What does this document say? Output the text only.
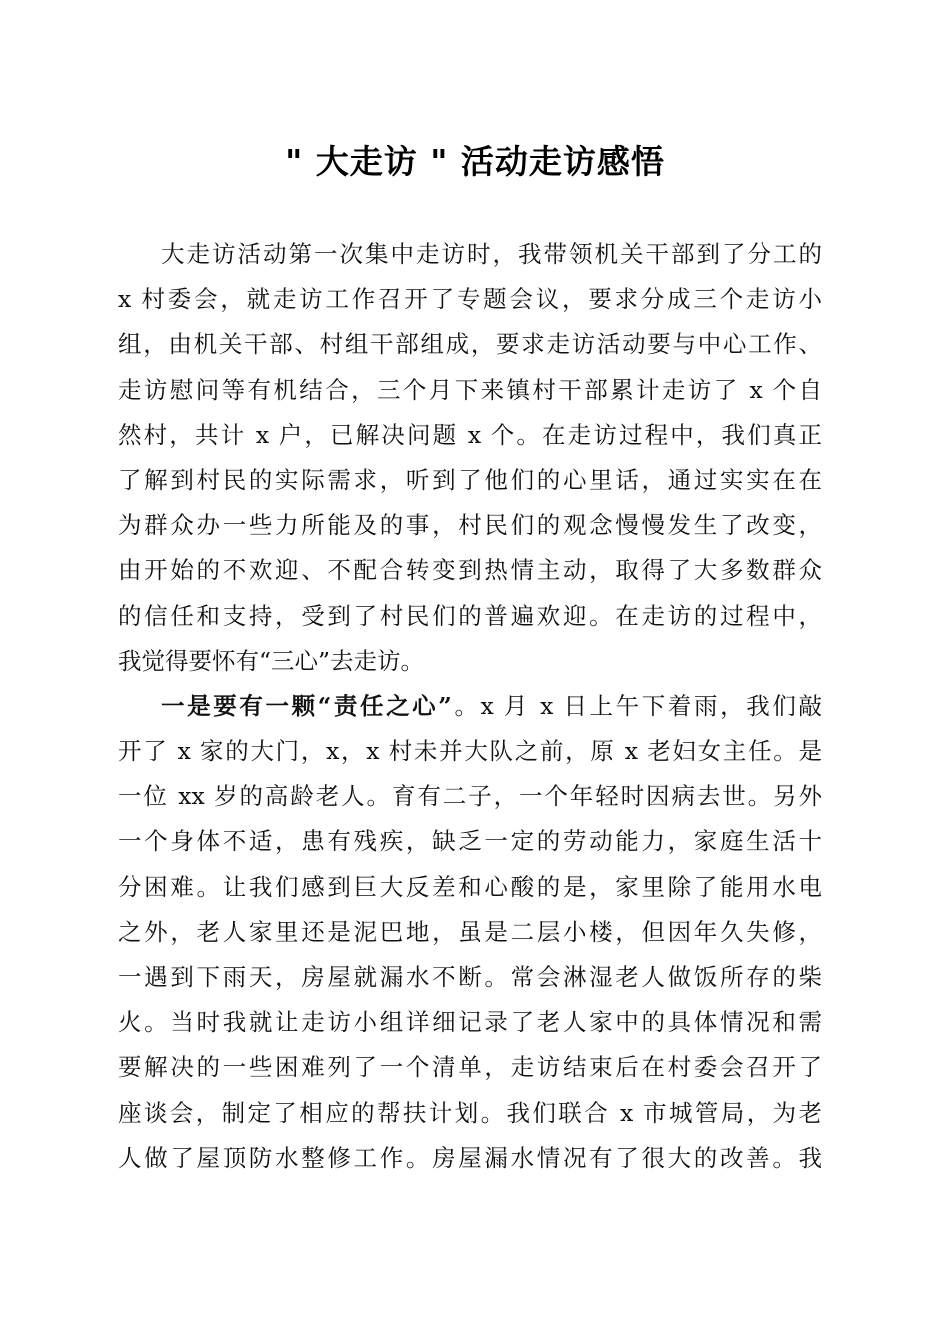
" 大走访 " 活动走访感悟
大走访活动第一次集中走访时，我带领机关干部到了分工的
x 村委会，就走访工作召开了专题会议，要求分成三个走访小
组，由机关干部、村组干部组成，要求走访活动要与中心工作、
走访慰问等有机结合，三个月下来镇村干部累计走访了 x 个自
然村，共计 x 户，已解决问题 x 个。在走访过程中，我们真正
了解到村民的实际需求，听到了他们的心里话，通过实实在在
为群众办一些力所能及的事，村民们的观念慢慢发生了改变，
由开始的不欢迎、不配合转变到热情主动，取得了大多数群众
的信任和支持，受到了村民们的普遍欢迎。在走访的过程中，
我觉得要怀有“三心”去走访。
一是要有一颗“责任之心”。x 月 x 日上午下着雨，我们敲
开了 x 家的大门，x，x 村未并大队之前，原 x 老妇女主任。是
一位 xx 岁的高龄老人。育有二子，一个年轻时因病去世。另外
一个身体不适，患有残疾，缺乏一定的劳动能力，家庭生活十
分困难。让我们感到巨大反差和心酸的是，家里除了能用水电
之外，老人家里还是泥巴地，虽是二层小楼，但因年久失修，
一遇到下雨天，房屋就漏水不断。常会淋湿老人做饭所存的柴
火。当时我就让走访小组详细记录了老人家中的具体情况和需
要解决的一些困难列了一个清单，走访结束后在村委会召开了
座谈会，制定了相应的帮扶计划。我们联合 x 市城管局，为老
人做了屋顶防水整修工作。房屋漏水情况有了很大的改善。我
